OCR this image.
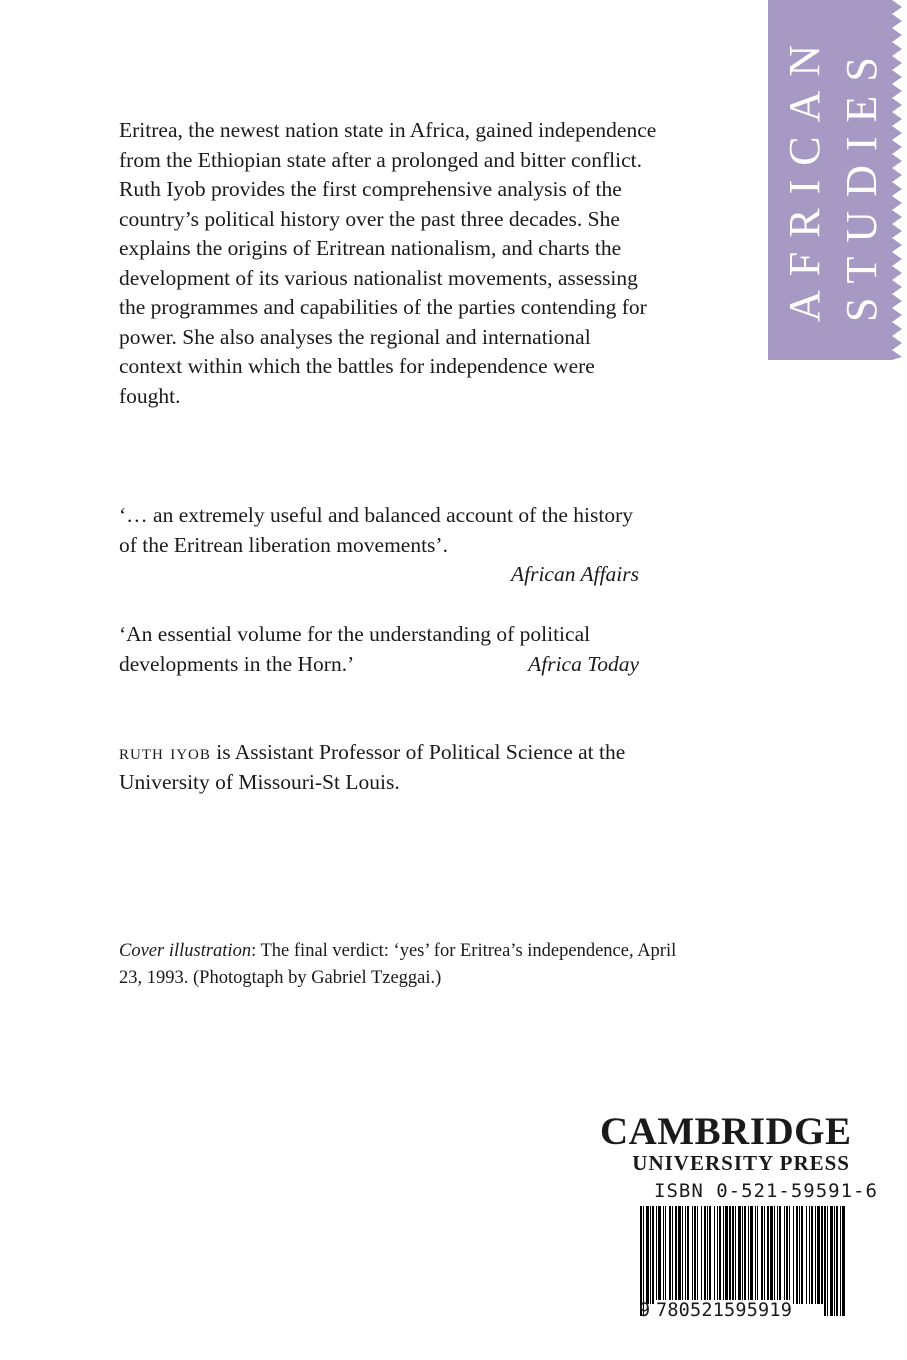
AFRICAN STUDIES

Eritrea, the newest nation state in Africa, gained independence from the Ethiopian state after a prolonged and bitter conflict. Ruth Iyob provides the first comprehensive analysis of the country’s political history over the past three decades. She explains the origins of Eritrean nationalism, and charts the development of its various nationalist movements, assessing the programmes and capabilities of the parties contending for power. She also analyses the regional and international context within which the battles for independence were fought.

‘… an extremely useful and balanced account of the history of the Eritrean liberation movements’.
African Affairs

‘An essential volume for the understanding of political developments in the Horn.’	Africa Today

ruth iyob is Assistant Professor of Political Science at the University of Missouri-St Louis.

Cover illustration: The final verdict: ‘yes’ for Eritrea’s independence, April 23, 1993. (Photogtaph by Gabriel Tzeggai.)

CAMBRIDGE
UNIVERSITY PRESS
ISBN 0-521-59591-6
9 780521595919
